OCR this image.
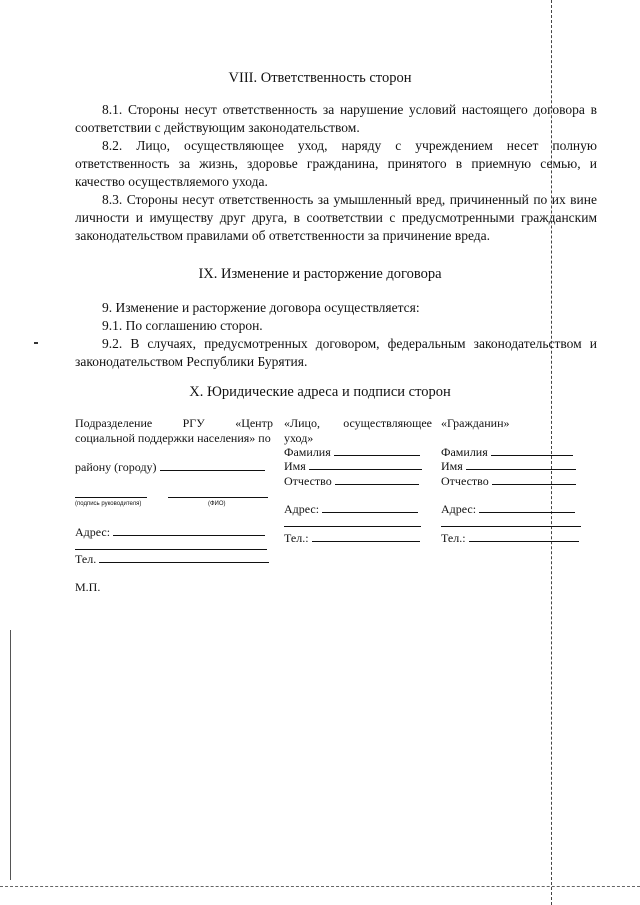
VIII. Ответственность сторон
8.1. Стороны несут ответственность за нарушение условий настоящего договора в соответствии с действующим законодательством.
8.2. Лицо, осуществляющее уход, наряду с учреждением несет полную ответственность за жизнь, здоровье гражданина, принятого в приемную семью, и качество осуществляемого ухода.
8.3. Стороны несут ответственность за умышленный вред, причиненный по их вине личности и имуществу друг друга, в соответствии с предусмотренными гражданским законодательством правилами об ответственности за причинение вреда.
IX. Изменение и расторжение договора
9. Изменение и расторжение договора осуществляется:
9.1. По соглашению сторон.
9.2. В случаях, предусмотренных договором, федеральным законодательством и законодательством Республики Бурятия.
X. Юридические адреса и подписи сторон
Подразделение РГУ «Центр социальной поддержки населения» по
району (городу)
(подпись руководителя)	(ФИО)
Адрес:
Тел.
М.П.
«Лицо, осуществляющее уход»
Фамилия
Имя
Отчество
Адрес:
Тел.:
«Гражданин»
Фамилия
Имя
Отчество
Адрес:
Тел.:
